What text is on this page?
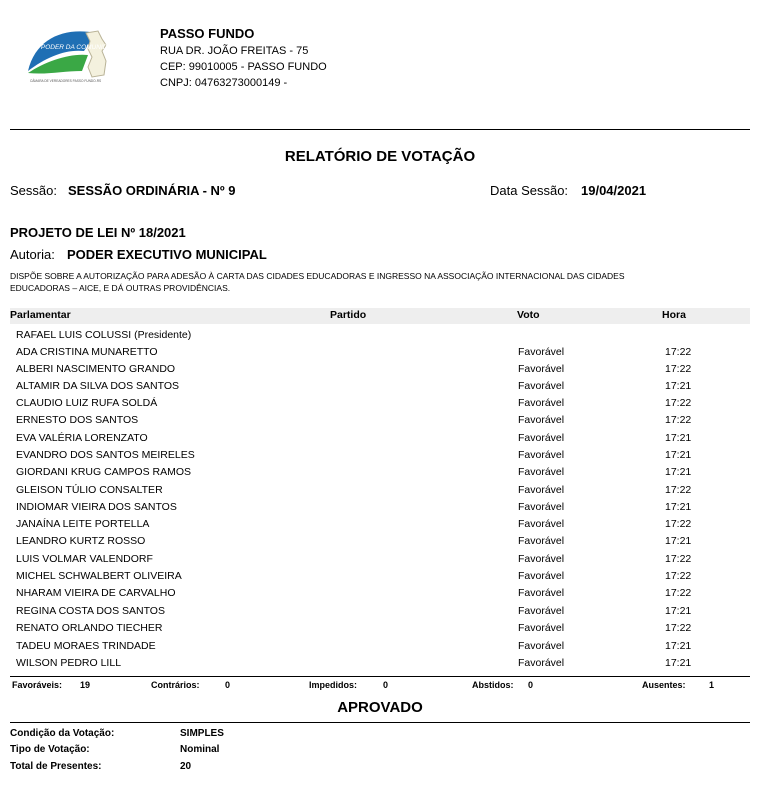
O PODER DA COMUNIDADE
CÂMARA DE VEREADORES PASSO FUNDO-RS
PASSO FUNDO
RUA DR. JOÃO FREITAS - 75
CEP: 99010005 - PASSO FUNDO
CNPJ: 04763273000149 -
RELATÓRIO DE VOTAÇÃO
Sessão: SESSÃO ORDINÁRIA - Nº 9	Data Sessão: 19/04/2021
PROJETO DE LEI Nº 18/2021
Autoria: PODER EXECUTIVO MUNICIPAL
DISPÕE SOBRE A AUTORIZAÇÃO PARA ADESÃO À CARTA DAS CIDADES EDUCADORAS E INGRESSO NA ASSOCIAÇÃO INTERNACIONAL DAS CIDADES
EDUCADORAS – AICE, E DÁ OUTRAS PROVIDÊNCIAS.
Parlamentar	Partido	Voto	Hora
RAFAEL LUIS COLUSSI (Presidente)
ADA CRISTINA MUNARETTO	Favorável	17:22
ALBERI NASCIMENTO GRANDO	Favorável	17:22
ALTAMIR DA SILVA DOS SANTOS	Favorável	17:21
CLAUDIO LUIZ RUFA SOLDÁ	Favorável	17:22
ERNESTO DOS SANTOS	Favorável	17:22
EVA VALÉRIA LORENZATO	Favorável	17:21
EVANDRO DOS SANTOS MEIRELES	Favorável	17:21
GIORDANI KRUG CAMPOS RAMOS	Favorável	17:21
GLEISON TÚLIO CONSALTER	Favorável	17:22
INDIOMAR VIEIRA DOS SANTOS	Favorável	17:21
JANAÍNA LEITE PORTELLA	Favorável	17:22
LEANDRO KURTZ ROSSO	Favorável	17:21
LUIS VOLMAR VALENDORF	Favorável	17:22
MICHEL SCHWALBERT OLIVEIRA	Favorável	17:22
NHARAM VIEIRA DE CARVALHO	Favorável	17:22
REGINA COSTA DOS SANTOS	Favorável	17:21
RENATO ORLANDO TIECHER	Favorável	17:22
TADEU MORAES TRINDADE	Favorável	17:21
WILSON PEDRO LILL	Favorável	17:21
Favoráveis: 19	Contrários:	0	Impedidos:	0	Abstidos: 0	Ausentes:	1
APROVADO
Condição da Votação:	SIMPLES
Tipo de Votação:	Nominal
Total de Presentes:	20
